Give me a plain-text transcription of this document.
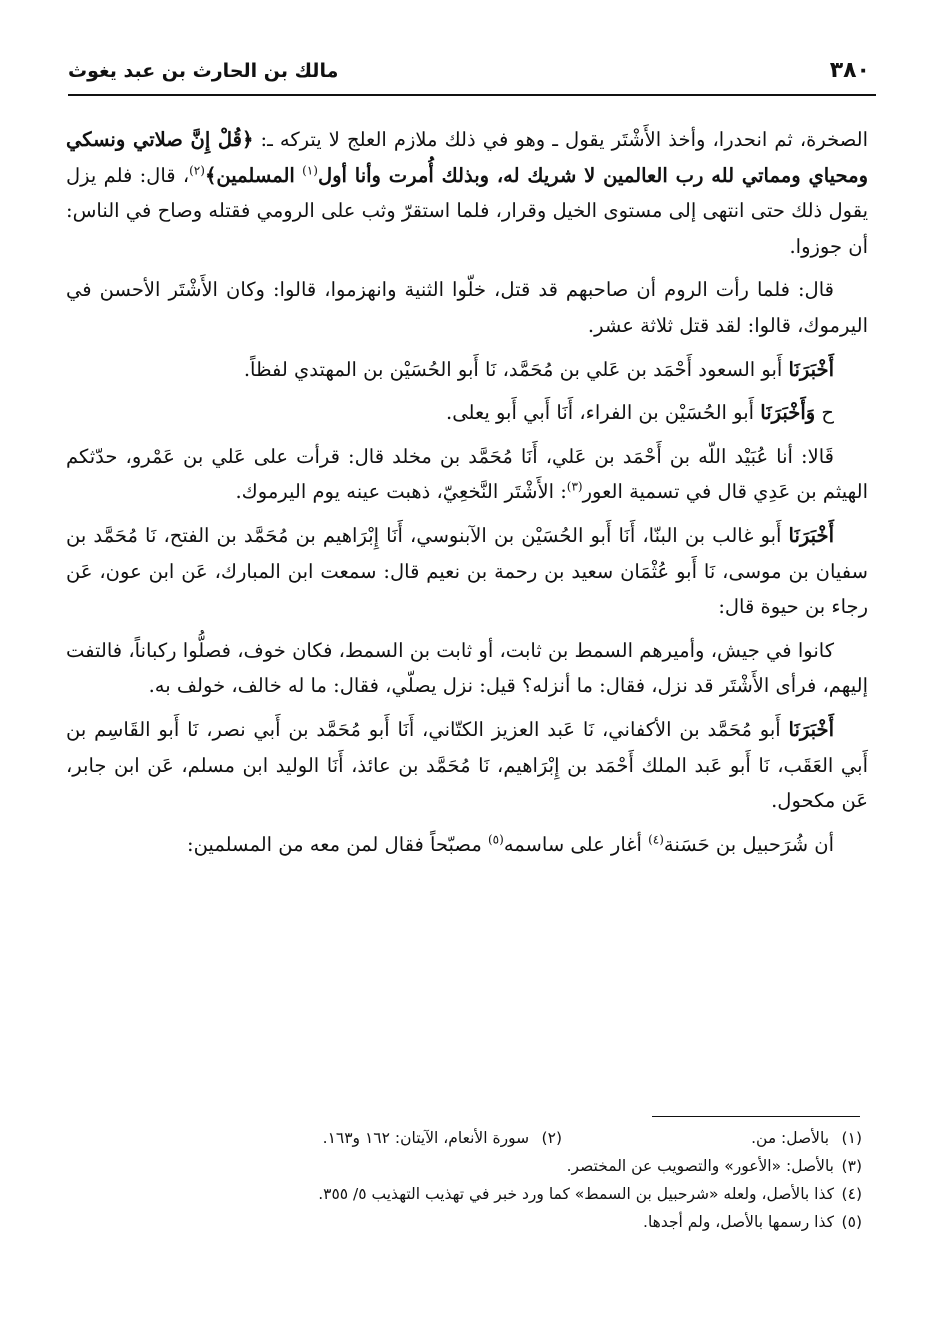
مالك بن الحارث بن عبد يغوث	٣٨٠

الصخرة، ثم انحدرا، وأخذ الأَشْتَر يقول ـ وهو في ذلك ملازم العلج لا يتركه ـ: ﴿قُلْ إِنَّ صلاتي ونسكي ومحياي ومماتي لله رب العالمين لا شريك له، وبذلك أُمرت وأنا أول$^{(١)}$ المسلمين﴾$^{(٢)}$، قال: فلم يزل يقول ذلك حتى انتهى إلى مستوى الخيل وقرار، فلما استقرّ وثب على الرومي فقتله وصاح في الناس: أن جوزوا.

قال: فلما رأت الروم أن صاحبهم قد قتل، خلّوا الثنية وانهزموا، قالوا: وكان الأَشْتَر الأحسن في اليرموك، قالوا: لقد قتل ثلاثة عشر.

أَخْبَرَنَا أَبو السعود أَحْمَد بن عَلي بن مُحَمَّد، نَا أَبو الحُسَيْن بن المهتدي لفظاً.

ح وَأَخْبَرَنَا أَبو الحُسَيْن بن الفراء، أَنَا أَبي أَبو يعلى.

قَالا: أنا عُبَيْد اللّه بن أَحْمَد بن عَلي، أَنَا مُحَمَّد بن مخلد قال: قرأت على عَلي بن عَمْرو، حدّثكم الهيثم بن عَدِي قال في تسمية العور$^{(٣)}$: الأَشْتَر النَّخعِيّ، ذهبت عينه يوم اليرموك.

أَخْبَرَنَا أَبو غالب بن البنّا، أَنَا أَبو الحُسَيْن بن الآبنوسي، أَنَا إِبْرَاهيم بن مُحَمَّد بن الفتح، نَا مُحَمَّد بن سفيان بن موسى، نَا أَبو عُثْمَان سعيد بن رحمة بن نعيم قال: سمعت ابن المبارك، عَن ابن عون، عَن رجاء بن حيوة قال:

كانوا في جيش، وأميرهم السمط بن ثابت، أو ثابت بن السمط، فكان خوف، فصلُّوا ركباناً، فالتفت إليهم، فرأى الأَشْتَر قد نزل، فقال: ما أنزله؟ قيل: نزل يصلّي، فقال: ما له خالف، خولف به.

أَخْبَرَنَا أَبو مُحَمَّد بن الأكفاني، نَا عَبد العزيز الكتّاني، أَنَا أَبو مُحَمَّد بن أَبي نصر، نَا أَبو القَاسِم بن أَبي العَقَب، نَا أَبو عَبد الملك أَحْمَد بن إِبْرَاهيم، نَا مُحَمَّد بن عائذ، أَنَا الوليد ابن مسلم، عَن ابن جابر، عَن مكحول.

أن شُرَحبيل بن حَسَنة$^{(٤)}$ أغار على ساسمه$^{(٥)}$ مصبّحاً فقال لمن معه من المسلمين:

(١) بالأصل: من.
(٢) سورة الأنعام، الآيتان: ١٦٢ و١٦٣.
(٣)
بالأصل: «الأعور» والتصويب عن المختصر.
(٤)
كذا بالأصل، ولعله «شرحبيل بن السمط» كما ورد خبر في تهذيب التهذيب ٥/ ٣٥٥.
(٥)
كذا رسمها بالأصل، ولم أجدها.
